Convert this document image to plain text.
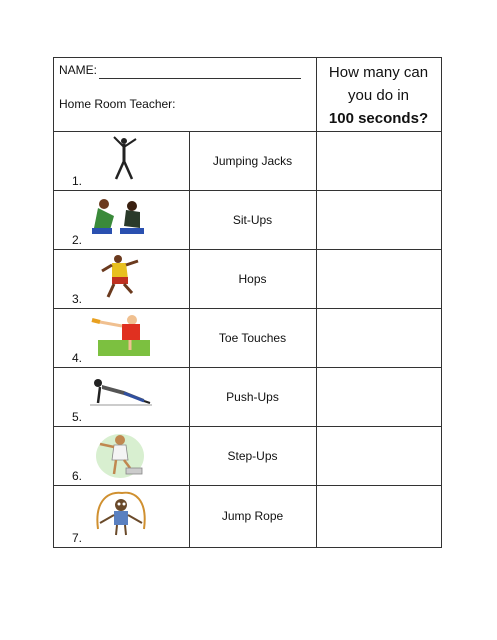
NAME:
Home Room Teacher:
How many can
you do in
100 seconds?
1.
Jumping Jacks
2.
Sit-Ups
3.
Hops
4.
Toe Touches
5.
Push-Ups
6.
Step-Ups
7.
Jump Rope
